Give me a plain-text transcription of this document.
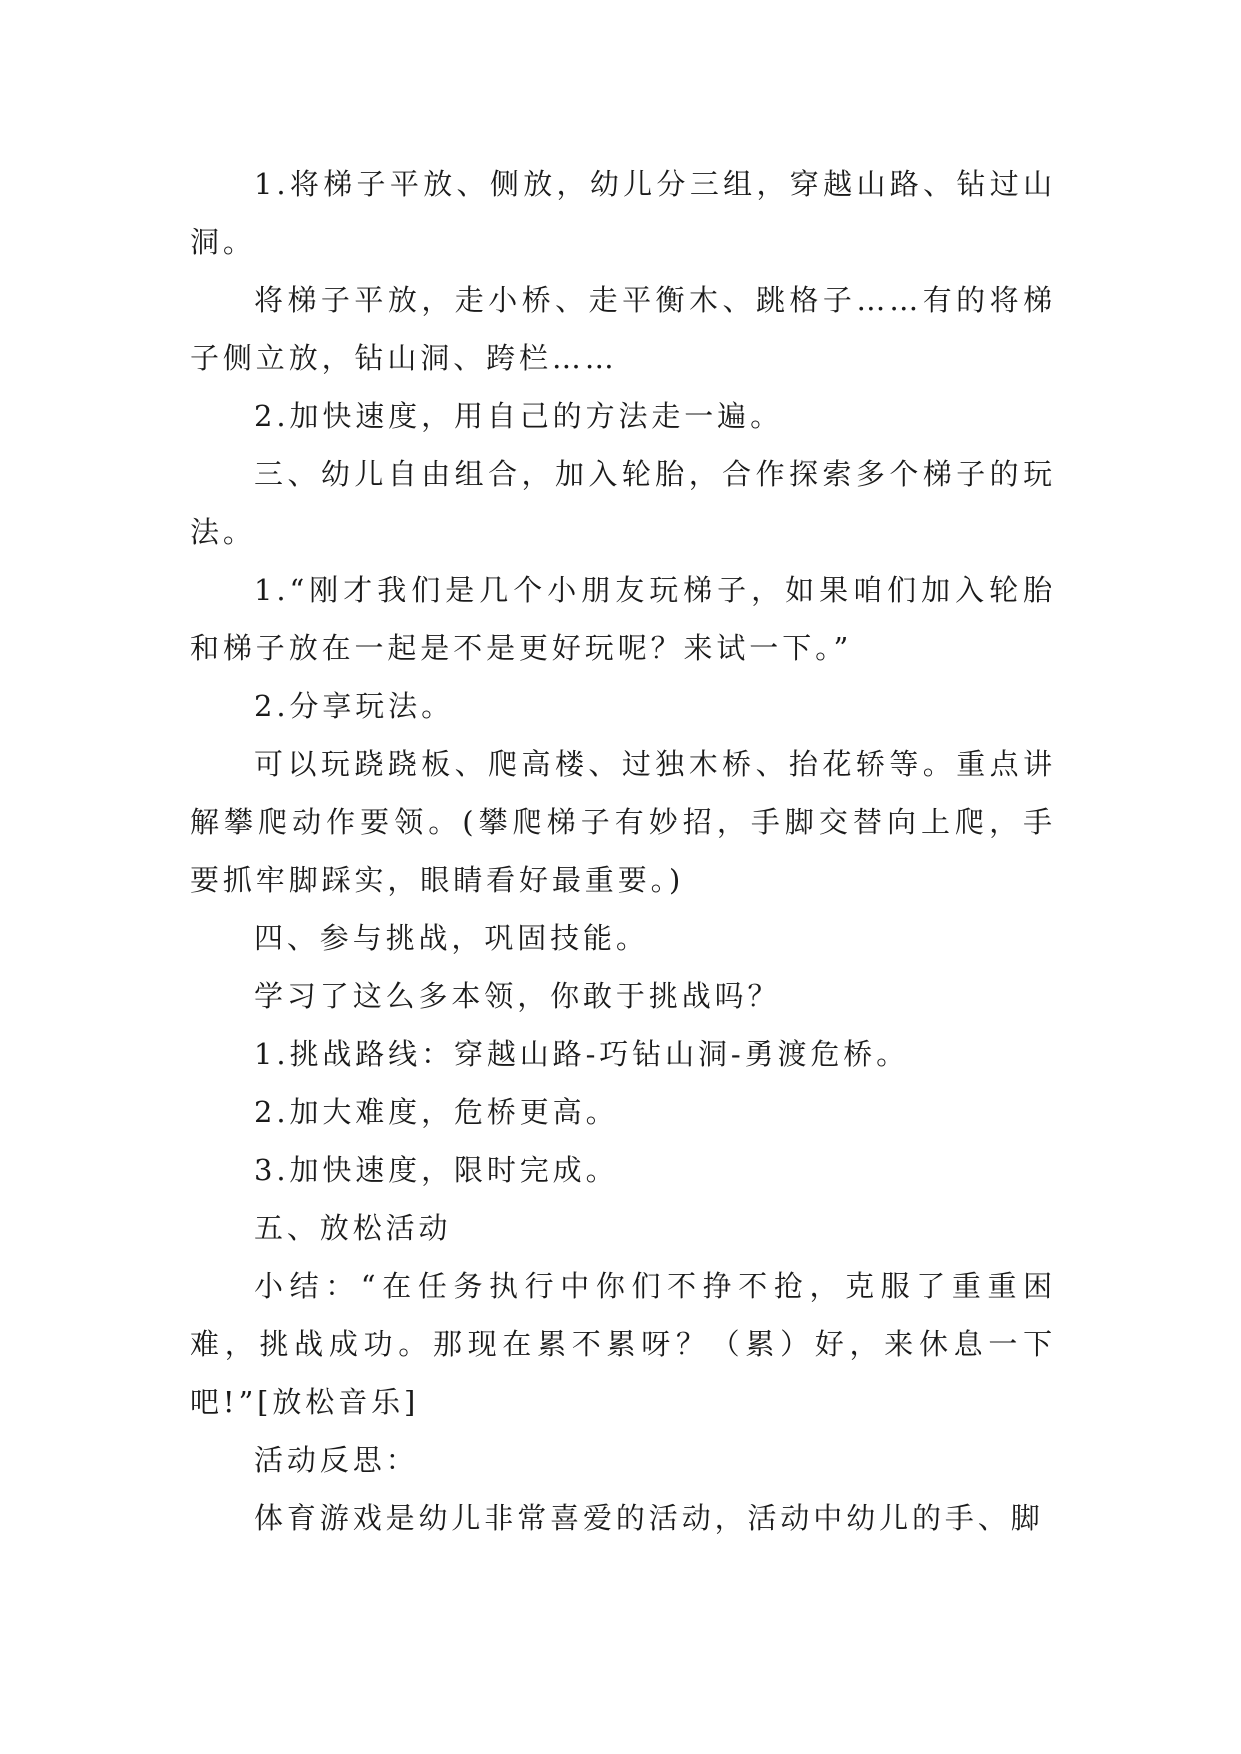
1.将梯子平放、侧放，幼儿分三组，穿越山路、钻过山洞。

将梯子平放，走小桥、走平衡木、跳格子……有的将梯子侧立放，钻山洞、跨栏……

2.加快速度，用自己的方法走一遍。

三、幼儿自由组合，加入轮胎，合作探索多个梯子的玩法。

1.“刚才我们是几个小朋友玩梯子，如果咱们加入轮胎和梯子放在一起是不是更好玩呢？来试一下。”

2.分享玩法。

可以玩跷跷板、爬高楼、过独木桥、抬花轿等。重点讲解攀爬动作要领。(攀爬梯子有妙招，手脚交替向上爬，手要抓牢脚踩实，眼睛看好最重要。)

四、参与挑战，巩固技能。

学习了这么多本领，你敢于挑战吗？

1.挑战路线：穿越山路-巧钻山洞-勇渡危桥。

2.加大难度，危桥更高。

3.加快速度，限时完成。

五、放松活动

小结：“在任务执行中你们不挣不抢，克服了重重困难，挑战成功。那现在累不累呀？（累）好，来休息一下吧!”[放松音乐]

活动反思：

体育游戏是幼儿非常喜爱的活动，活动中幼儿的手、脚
